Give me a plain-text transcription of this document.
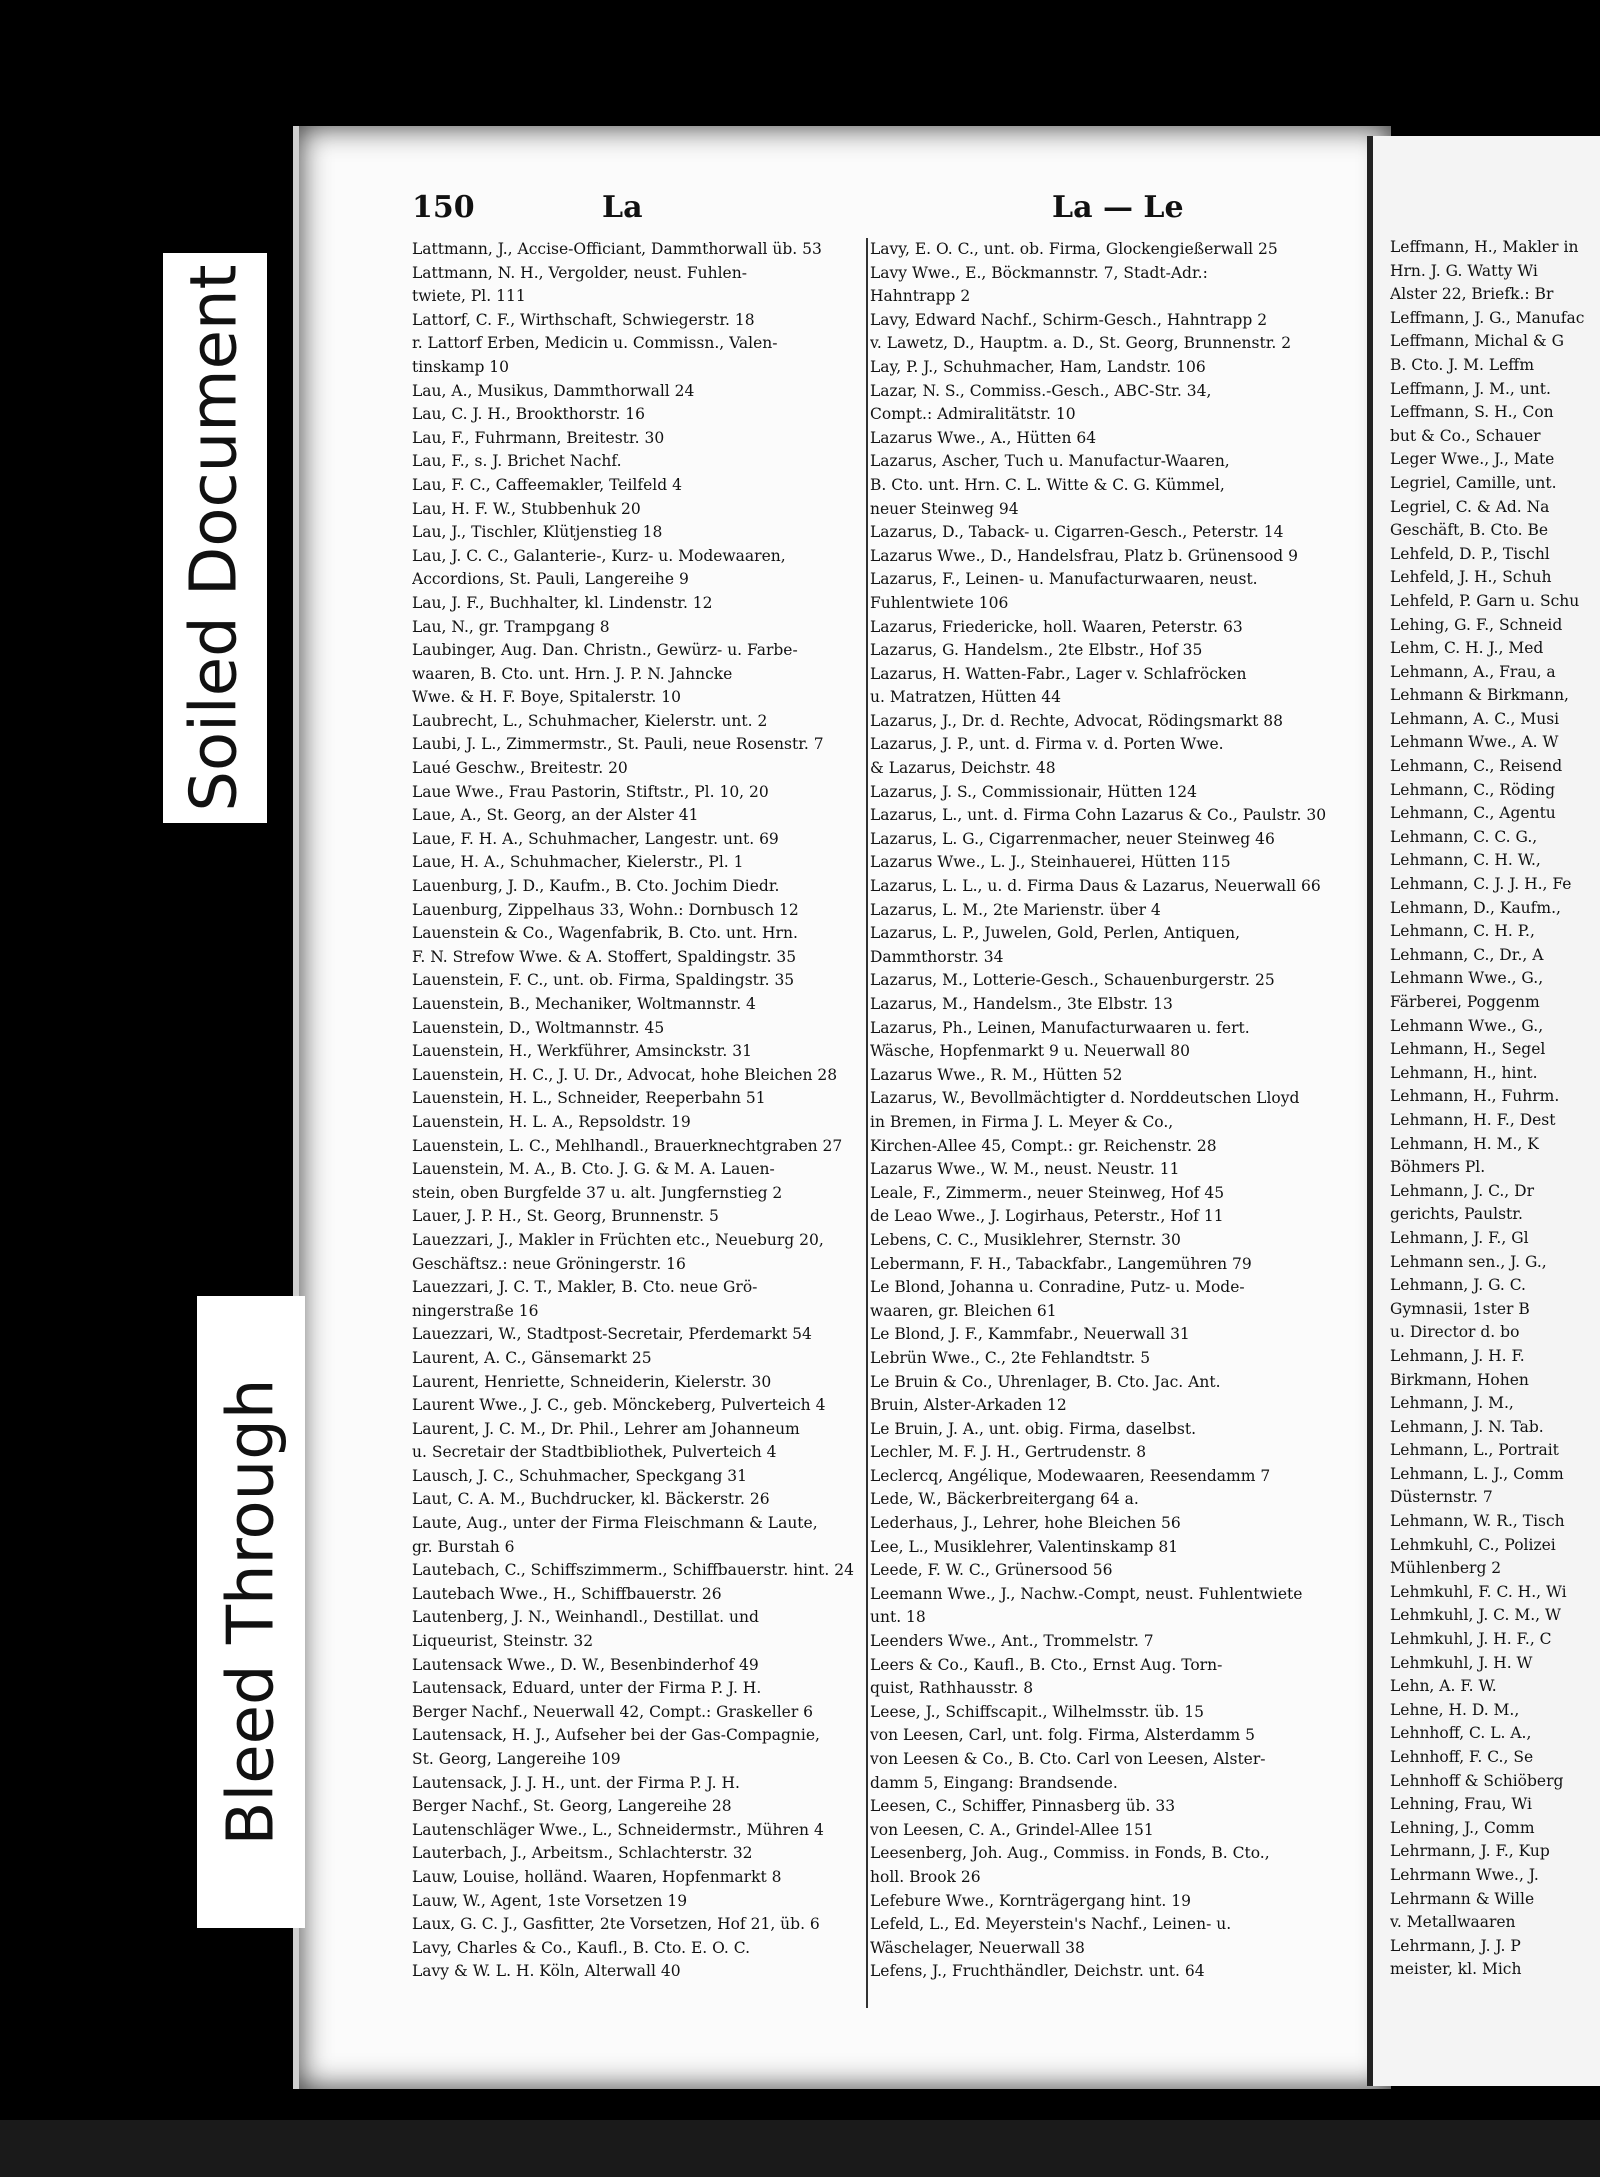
Soiled Document
Bleed Through
150	La	La — Le
Lattmann, J., Accise-Officiant, Dammthorwall üb. 53
Lattmann, N. H., Vergolder, neust. Fuhlen-
twiete, Pl. 111
Lattorf, C. F., Wirthschaft, Schwiegerstr. 18
r. Lattorf Erben, Medicin u. Commissn., Valen-
tinskamp 10
Lau, A., Musikus, Dammthorwall 24
Lau, C. J. H., Brookthorstr. 16
Lau, F., Fuhrmann, Breitestr. 30
Lau, F., s. J. Brichet Nachf.
Lau, F. C., Caffeemakler, Teilfeld 4
Lau, H. F. W., Stubbenhuk 20
Lau, J., Tischler, Klütjenstieg 18
Lau, J. C. C., Galanterie-, Kurz- u. Modewaaren,
Accordions, St. Pauli, Langereihe 9
Lau, J. F., Buchhalter, kl. Lindenstr. 12
Lau, N., gr. Trampgang 8
Laubinger, Aug. Dan. Christn., Gewürz- u. Farbe-
waaren, B. Cto. unt. Hrn. J. P. N. Jahncke
Wwe. & H. F. Boye, Spitalerstr. 10
Laubrecht, L., Schuhmacher, Kielerstr. unt. 2
Laubi, J. L., Zimmermstr., St. Pauli, neue Rosenstr. 7
Laué Geschw., Breitestr. 20
Laue Wwe., Frau Pastorin, Stiftstr., Pl. 10, 20
Laue, A., St. Georg, an der Alster 41
Laue, F. H. A., Schuhmacher, Langestr. unt. 69
Laue, H. A., Schuhmacher, Kielerstr., Pl. 1
Lauenburg, J. D., Kaufm., B. Cto. Jochim Diedr.
Lauenburg, Zippelhaus 33, Wohn.: Dornbusch 12
Lauenstein & Co., Wagenfabrik, B. Cto. unt. Hrn.
F. N. Strefow Wwe. & A. Stoffert, Spaldingstr. 35
Lauenstein, F. C., unt. ob. Firma, Spaldingstr. 35
Lauenstein, B., Mechaniker, Woltmannstr. 4
Lauenstein, D., Woltmannstr. 45
Lauenstein, H., Werkführer, Amsinckstr. 31
Lauenstein, H. C., J. U. Dr., Advocat, hohe Bleichen 28
Lauenstein, H. L., Schneider, Reeperbahn 51
Lauenstein, H. L. A., Repsoldstr. 19
Lauenstein, L. C., Mehlhandl., Brauerknechtgraben 27
Lauenstein, M. A., B. Cto. J. G. & M. A. Lauen-
stein, oben Burgfelde 37 u. alt. Jungfernstieg 2
Lauer, J. P. H., St. Georg, Brunnenstr. 5
Lauezzari, J., Makler in Früchten etc., Neueburg 20,
Geschäftsz.: neue Gröningerstr. 16
Lauezzari, J. C. T., Makler, B. Cto. neue Grö-
ningerstraße 16
Lauezzari, W., Stadtpost-Secretair, Pferdemarkt 54
Laurent, A. C., Gänsemarkt 25
Laurent, Henriette, Schneiderin, Kielerstr. 30
Laurent Wwe., J. C., geb. Mönckeberg, Pulverteich 4
Laurent, J. C. M., Dr. Phil., Lehrer am Johanneum
u. Secretair der Stadtbibliothek, Pulverteich 4
Lausch, J. C., Schuhmacher, Speckgang 31
Laut, C. A. M., Buchdrucker, kl. Bäckerstr. 26
Laute, Aug., unter der Firma Fleischmann & Laute,
gr. Burstah 6
Lautebach, C., Schiffszimmerm., Schiffbauerstr. hint. 24
Lautebach Wwe., H., Schiffbauerstr. 26
Lautenberg, J. N., Weinhandl., Destillat. und
Liqueurist, Steinstr. 32
Lautensack Wwe., D. W., Besenbinderhof 49
Lautensack, Eduard, unter der Firma P. J. H.
Berger Nachf., Neuerwall 42, Compt.: Graskeller 6
Lautensack, H. J., Aufseher bei der Gas-Compagnie,
St. Georg, Langereihe 109
Lautensack, J. J. H., unt. der Firma P. J. H.
Berger Nachf., St. Georg, Langereihe 28
Lautenschläger Wwe., L., Schneidermstr., Mühren 4
Lauterbach, J., Arbeitsm., Schlachterstr. 32
Lauw, Louise, holländ. Waaren, Hopfenmarkt 8
Lauw, W., Agent, 1ste Vorsetzen 19
Laux, G. C. J., Gasfitter, 2te Vorsetzen, Hof 21, üb. 6
Lavy, Charles & Co., Kaufl., B. Cto. E. O. C.
Lavy & W. L. H. Köln, Alterwall 40
Lavy, E. O. C., unt. ob. Firma, Glockengießerwall 25
Lavy Wwe., E., Böckmannstr. 7, Stadt-Adr.:
Hahntrapp 2
Lavy, Edward Nachf., Schirm-Gesch., Hahntrapp 2
v. Lawetz, D., Hauptm. a. D., St. Georg, Brunnenstr. 2
Lay, P. J., Schuhmacher, Ham, Landstr. 106
Lazar, N. S., Commiss.-Gesch., ABC-Str. 34,
Compt.: Admiralitätstr. 10
Lazarus Wwe., A., Hütten 64
Lazarus, Ascher, Tuch u. Manufactur-Waaren,
B. Cto. unt. Hrn. C. L. Witte & C. G. Kümmel,
neuer Steinweg 94
Lazarus, D., Taback- u. Cigarren-Gesch., Peterstr. 14
Lazarus Wwe., D., Handelsfrau, Platz b. Grünensood 9
Lazarus, F., Leinen- u. Manufacturwaaren, neust.
Fuhlentwiete 106
Lazarus, Friedericke, holl. Waaren, Peterstr. 63
Lazarus, G. Handelsm., 2te Elbstr., Hof 35
Lazarus, H. Watten-Fabr., Lager v. Schlafröcken
u. Matratzen, Hütten 44
Lazarus, J., Dr. d. Rechte, Advocat, Rödingsmarkt 88
Lazarus, J. P., unt. d. Firma v. d. Porten Wwe.
& Lazarus, Deichstr. 48
Lazarus, J. S., Commissionair, Hütten 124
Lazarus, L., unt. d. Firma Cohn Lazarus & Co., Paulstr. 30
Lazarus, L. G., Cigarrenmacher, neuer Steinweg 46
Lazarus Wwe., L. J., Steinhauerei, Hütten 115
Lazarus, L. L., u. d. Firma Daus & Lazarus, Neuerwall 66
Lazarus, L. M., 2te Marienstr. über 4
Lazarus, L. P., Juwelen, Gold, Perlen, Antiquen,
Dammthorstr. 34
Lazarus, M., Lotterie-Gesch., Schauenburgerstr. 25
Lazarus, M., Handelsm., 3te Elbstr. 13
Lazarus, Ph., Leinen, Manufacturwaaren u. fert.
Wäsche, Hopfenmarkt 9 u. Neuerwall 80
Lazarus Wwe., R. M., Hütten 52
Lazarus, W., Bevollmächtigter d. Norddeutschen Lloyd
in Bremen, in Firma J. L. Meyer & Co.,
Kirchen-Allee 45, Compt.: gr. Reichenstr. 28
Lazarus Wwe., W. M., neust. Neustr. 11
Leale, F., Zimmerm., neuer Steinweg, Hof 45
de Leao Wwe., J. Logirhaus, Peterstr., Hof 11
Lebens, C. C., Musiklehrer, Sternstr. 30
Lebermann, F. H., Tabackfabr., Langemühren 79
Le Blond, Johanna u. Conradine, Putz- u. Mode-
waaren, gr. Bleichen 61
Le Blond, J. F., Kammfabr., Neuerwall 31
Lebrün Wwe., C., 2te Fehlandtstr. 5
Le Bruin & Co., Uhrenlager, B. Cto. Jac. Ant.
Bruin, Alster-Arkaden 12
Le Bruin, J. A., unt. obig. Firma, daselbst.
Lechler, M. F. J. H., Gertrudenstr. 8
Leclercq, Angélique, Modewaaren, Reesendamm 7
Lede, W., Bäckerbreitergang 64 a.
Lederhaus, J., Lehrer, hohe Bleichen 56
Lee, L., Musiklehrer, Valentinskamp 81
Leede, F. W. C., Grünersood 56
Leemann Wwe., J., Nachw.-Compt, neust. Fuhlentwiete
unt. 18
Leenders Wwe., Ant., Trommelstr. 7
Leers & Co., Kaufl., B. Cto., Ernst Aug. Torn-
quist, Rathhausstr. 8
Leese, J., Schiffscapit., Wilhelmsstr. üb. 15
von Leesen, Carl, unt. folg. Firma, Alsterdamm 5
von Leesen & Co., B. Cto. Carl von Leesen, Alster-
damm 5, Eingang: Brandsende.
Leesen, C., Schiffer, Pinnasberg üb. 33
von Leesen, C. A., Grindel-Allee 151
Leesenberg, Joh. Aug., Commiss. in Fonds, B. Cto.,
holl. Brook 26
Lefebure Wwe., Kornträgergang hint. 19
Lefeld, L., Ed. Meyerstein's Nachf., Leinen- u.
Wäschelager, Neuerwall 38
Lefens, J., Fruchthändler, Deichstr. unt. 64
Leffmann, H., Makler in
Hrn. J. G. Watty Wi
Alster 22, Briefk.: Br
Leffmann, J. G., Manufac
Leffmann, Michal & G
B. Cto. J. M. Leffm
Leffmann, J. M., unt.
Leffmann, S. H., Con
but & Co., Schauer
Leger Wwe., J., Mate
Legriel, Camille, unt.
Legriel, C. & Ad. Na
Geschäft, B. Cto. Be
Lehfeld, D. P., Tischl
Lehfeld, J. H., Schuh
Lehfeld, P. Garn u. Schu
Lehing, G. F., Schneid
Lehm, C. H. J., Med
Lehmann, A., Frau, a
Lehmann & Birkmann,
Lehmann, A. C., Musi
Lehmann Wwe., A. W
Lehmann, C., Reisend
Lehmann, C., Röding
Lehmann, C., Agentu
Lehmann, C. C. G.,
Lehmann, C. H. W.,
Lehmann, C. J. J. H., Fe
Lehmann, D., Kaufm.,
Lehmann, C. H. P.,
Lehmann, C., Dr., A
Lehmann Wwe., G.,
Färberei, Poggenm
Lehmann Wwe., G.,
Lehmann, H., Segel
Lehmann, H., hint.
Lehmann, H., Fuhrm.
Lehmann, H. F., Dest
Lehmann, H. M., K
Böhmers Pl.
Lehmann, J. C., Dr
gerichts, Paulstr.
Lehmann, J. F., Gl
Lehmann sen., J. G.,
Lehmann, J. G. C.
Gymnasii, 1ster B
u. Director d. bo
Lehmann, J. H. F.
Birkmann, Hohen
Lehmann, J. M.,
Lehmann, J. N. Tab.
Lehmann, L., Portrait
Lehmann, L. J., Comm
Düsternstr. 7
Lehmann, W. R., Tisch
Lehmkuhl, C., Polizei
Mühlenberg 2
Lehmkuhl, F. C. H., Wi
Lehmkuhl, J. C. M., W
Lehmkuhl, J. H. F., C
Lehmkuhl, J. H. W
Lehn, A. F. W.
Lehne, H. D. M.,
Lehnhoff, C. L. A.,
Lehnhoff, F. C., Se
Lehnhoff & Schiöberg
Lehning, Frau, Wi
Lehning, J., Comm
Lehrmann, J. F., Kup
Lehrmann Wwe., J.
Lehrmann & Wille
v. Metallwaaren
Lehrmann, J. J. P
meister, kl. Mich
